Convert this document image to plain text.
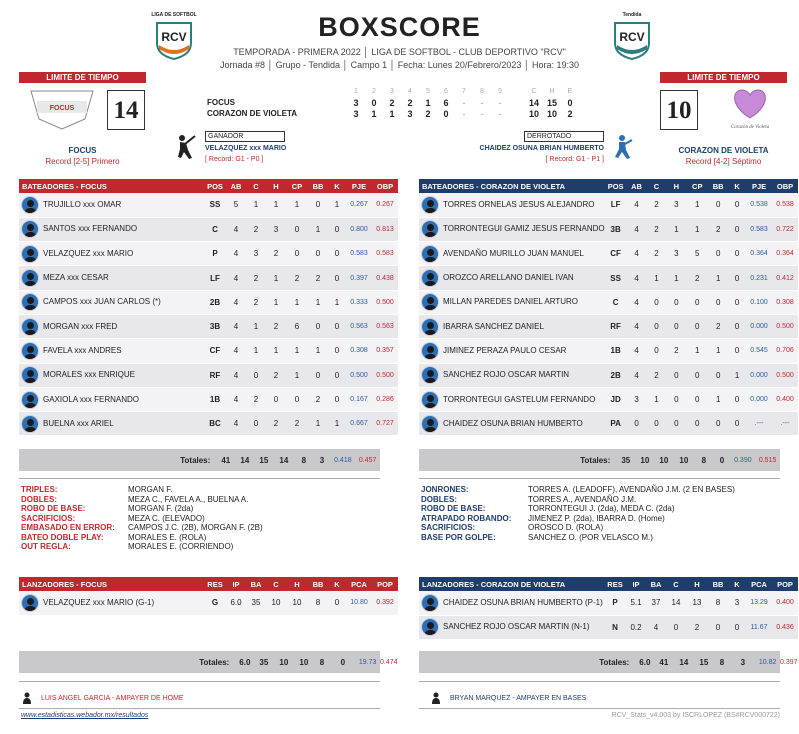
LIGA DE SOFTBOL
RCV
Tendida
RCV
BOXSCORE
TEMPORADA - PRIMERA 2022 │ LIGA DE SOFTBOL - CLUB DEPORTIVO "RCV"
Jornada #8 │ Grupo - Tendida │ Campo 1 │ Fecha: Lunes 20/Febrero/2023 │ Hora: 19:30
LIMITE DE TIEMPO
FOCUS 14
FOCUS
Record [2-5] Primero
LIMITE DE TIEMPO
10
Corazón de Violeta
CORAZON DE VIOLETA
Record [4-2] Séptimo
1	2	3	4	5	6	7	8	9	C	H	E
FOCUS	3	0	2	2	1	6	-	-	-	14 15	0
CORAZON DE VIOLETA	3	1	1	3	2	0	-	-	-	10 10	2
GANADOR
VELAZQUEZ xxx MARIO
[ Record: G1 - P0 ]
DERROTADO
CHAIDEZ OSUNA BRIAN HUMBERTO
[ Record: G1 - P1 ]
BATEADORES - FOCUS	POS	AB	C	H	CP	BB	K	PJE	OBP
TRUJILLO xxx OMAR	SS	5	1	1	1	0	1	0.267	0.267
SANTOS xxx FERNANDO	C	4	2	3	0	1	0	0.800	0.813
VELAZQUEZ xxx MARIO	P	4	3	2	0	0	0	0.583	0.583
MEZA xxx CESAR	LF	4	2	1	2	2	0	0.397	0.438
CAMPOS xxx JUAN CARLOS (*)	2B	4	2	1	1	1	1	0.333	0.500
MORGAN xxx FRED	3B	4	1	2	6	0	0	0.563	0.563
FAVELA xxx ANDRES	CF	4	1	1	1	1	0	0.308	0.357
MORALES xxx ENRIQUE	RF	4	0	2	1	0	0	0.500	0.500
GAXIOLA xxx FERNANDO	1B	4	2	0	0	2	0	0.167	0.286
BUELNA xxx ARIEL	BC	4	0	2	2	1	1	0.667	0.727
BATEADORES - CORAZON DE VIOLETA	POS	AB	C	H	CP	BB	K	PJE	OBP
TORRES ORNELAS JESUS ALEJANDRO	LF	4	2	3	1	0	0	0.538	0.538
TORRONTEGUI GAMIZ JESUS FERNANDO	3B	4	2	1	1	2	0	0.583	0.722
AVENDAÑO MURILLO JUAN MANUEL	CF	4	2	3	5	0	0	0.364	0.364
OROZCO ARELLANO DANIEL IVAN	SS	4	1	1	2	1	0	0.231	0.412
MILLAN PAREDES DANIEL ARTURO	C	4	0	0	0	0	0	0.100	0.308
IBARRA SANCHEZ DANIEL	RF	4	0	0	0	2	0	0.000	0.500
JIMINEZ PERAZA PAULO CESAR	1B	4	0	2	1	1	0	0.545	0.706
SANCHEZ ROJO OSCAR MARTIN	2B	4	2	0	0	0	1	0.000	0.500
TORRONTEGUI GASTELUM FERNANDO	JD	3	1	0	0	1	0	0.000	0.400
CHAIDEZ OSUNA BRIAN HUMBERTO	PA	0	0	0	0	0	0	.---	.---
Totales:	41	14	15	14	8	3	0.418	0.457	Totales:	35	10	10	10	8	0	0.390	0.515
TRIPLES:	MORGAN F.
DOBLES:	MEZA C., FAVELA A., BUELNA A.
ROBO DE BASE:	MORGAN F. (2da)
SACRIFICIOS:	MEZA C. (ELEVADO)
EMBASADO EN ERROR:	CAMPOS J.C. (2B), MORGAN F. (2B)
BATEO DOBLE PLAY:	MORALES E. (ROLA)
OUT REGLA:	MORALES E. (CORRIENDO)
JONRONES:	TORRES A. (LEADOFF), AVENDAÑO J.M. (2 EN BASES)
DOBLES:	TORRES A., AVENDAÑO J.M.
ROBO DE BASE:	TORRONTEGUI J. (2da), MEDA C. (2da)
ATRAPADO ROBANDO:	JIMENEZ P. (2da), IBARRA D. (Home)
SACRIFICIOS:	OROSCO D. (ROLA)
BASE POR GOLPE:	SANCHEZ O. (POR VELASCO M.)
LANZADORES - FOCUS	RES	IP	BA	C	H	BB	K	PCA	POP
VELAZQUEZ xxx MARIO (G-1)	G	6.0	35	10	10	8	0	10.80	0.392
LANZADORES - CORAZON DE VIOLETA	RES	IP	BA	C	H	BB	K	PCA	POP
CHAIDEZ OSUNA BRIAN HUMBERTO (P-1)	P	5.1	37	14	13	8	3	13.29	0.400
SANCHEZ ROJO OSCAR MARTIN (N-1)	N	0.2	4	0	2	0	0	11.67	0.436
Totales:	6.0	35	10	10	8	0	19.73 0.474	Totales:	6.0	41	14	15	8	3	10.82 0.397
LUIS ANGEL GARCIA - AMPAYER DE HOME	BRYAN MARQUEZ - AMPAYER EN BASES
www.estadisticas.webador.mx/resultados	RCV_Stats_v4.003 by ISCRLOPEZ (BS#RCV000722)
